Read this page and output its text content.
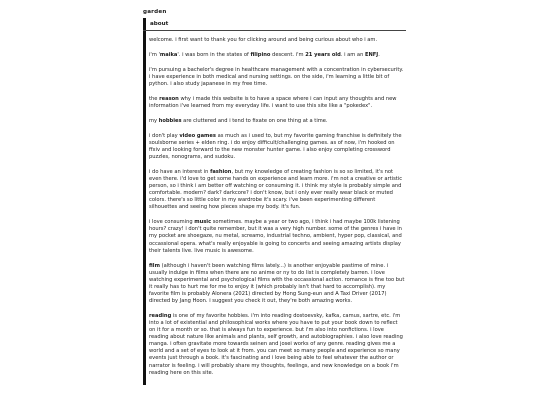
garden
about

welcome. i first want to thank you for clicking around and being curious about who i am.

i'm 'maika'. i was born in the states of filipino descent. i'm 21 years old. i am an ENFJ.

i'm pursuing a bachelor's degree in healthcare management with a concentration in cybersecurity. i have experience in both medical and nursing settings. on the side, i'm learning a little bit of python. i also study japanese in my free time.

the reason why i made this website is to have a space where i can input any thoughts and new information i've learned from my everyday life. i want to use this site like a "pokedex".

my hobbies are cluttered and i tend to fixate on one thing at a time.

i don't play video games as much as i used to, but my favorite gaming franchise is definitely the soulsborne series + elden ring. i do enjoy difficult/challenging games. as of now, i'm hooked on ffxiv and looking forward to the new monster hunter game. i also enjoy completing crossword puzzles, nonograms, and sudoku.

i do have an interest in fashion, but my knowledge of creating fashion is so so limited, it's not even there. i'd love to get some hands on experience and learn more. i'm not a creative or artistic person, so i think i am better off watching or consuming it. i think my style is probably simple and comfortable. modern? dark? darkcore? i don't know, but i only ever really wear black or muted colors. there's so little color in my wardrobe it's scary. i've been experimenting different silhouettes and seeing how pieces shape my body. it's fun.

i love consuming music sometimes. maybe a year or two ago, i think i had maybe 100k listening hours? crazy! i don't quite remember, but it was a very high number. some of the genres i have in my pocket are shoegaze, nu metal, screamo, industrial techno, ambient, hyper pop, classical, and occassional opera. what's really enjoyable is going to concerts and seeing amazing artists display their talents live. live music is awesome.

film (although i haven't been watching films lately...) is another enjoyable pastime of mine. i usually indulge in films when there are no anime or ny to do list is completely barren. i love watching experimental and psychological films with the occassional action. romance is fine too but it really has to hurt me for me to enjoy it (which probably isn't that hard to accomplish). my favorite film is probably Alonera (2021) directed by Hong Sung-eun and A Taxi Driver (2017) directed by Jang Hoon. i suggest you check it out, they're both amazing works.

reading is one of my favorite hobbies. i'm into reading dostoevsky, kafka, camus, sartre, etc. i'm into a lot of existential and philosophical works where you have to put your book down to reflect on it for a month or so. that is always fun to experience. but i'm also into nonfictions. i love reading about nature like animals and plants, self growth, and autobiographies. i also love reading manga. i often gravitate more towards seinen and josei works of any genre. reading gives me a world and a set of eyes to look at it from. you can meet so many people and experience so many events just through a book. it's fascinating and i love being able to feel whatever the author or narrator is feeling. i will probably share my thoughts, feelings, and new knowledge on a book i'm reading here on this site.
